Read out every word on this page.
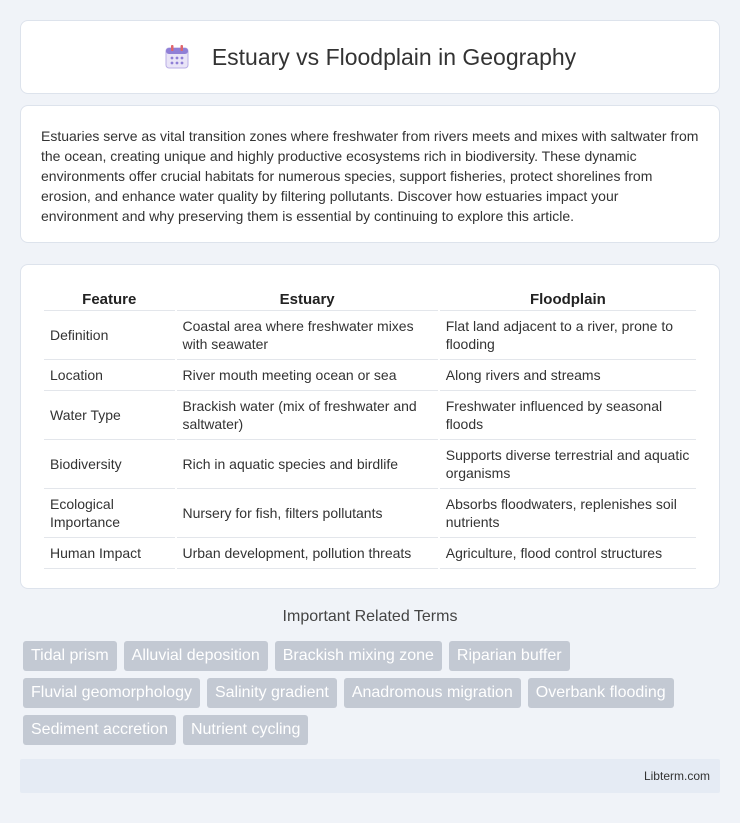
Estuary vs Floodplain in Geography

Estuaries serve as vital transition zones where freshwater from rivers meets and mixes with saltwater from the ocean, creating unique and highly productive ecosystems rich in biodiversity. These dynamic environments offer crucial habitats for numerous species, support fisheries, protect shorelines from erosion, and enhance water quality by filtering pollutants. Discover how estuaries impact your environment and why preserving them is essential by continuing to explore this article.

Feature	Estuary	Floodplain
Definition	Coastal area where freshwater mixes with seawater	Flat land adjacent to a river, prone to flooding
Location	River mouth meeting ocean or sea	Along rivers and streams
Water Type	Brackish water (mix of freshwater and saltwater)	Freshwater influenced by seasonal floods
Biodiversity	Rich in aquatic species and birdlife	Supports diverse terrestrial and aquatic organisms
Ecological Importance	Nursery for fish, filters pollutants	Absorbs floodwaters, replenishes soil nutrients
Human Impact	Urban development, pollution threats	Agriculture, flood control structures
Important Related Terms
Tidal prism	Alluvial deposition	Brackish mixing zone	Riparian buffer
Fluvial geomorphology	Salinity gradient	Anadromous migration	Overbank flooding
Sediment accretion	Nutrient cycling
Libterm.com
